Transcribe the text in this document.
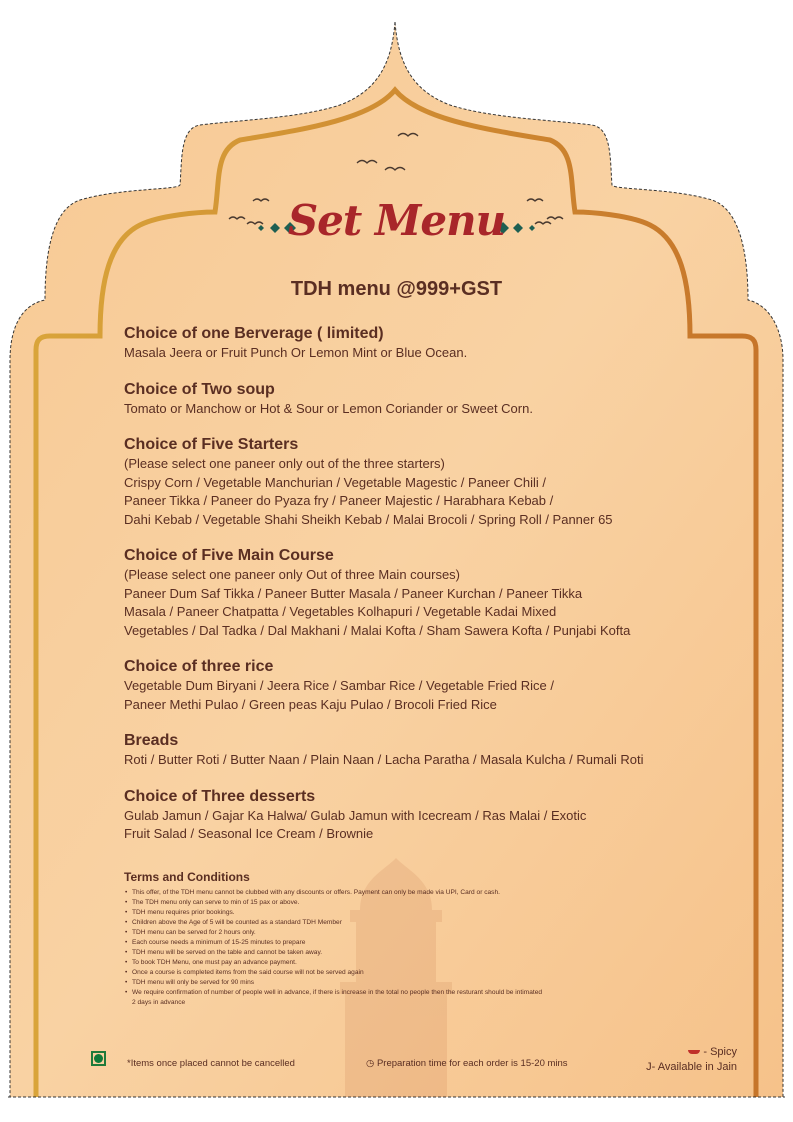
Set Menu
TDH menu @999+GST
Choice of one Berverage ( limited)
Masala Jeera or Fruit Punch Or Lemon Mint or Blue Ocean.
Choice of Two soup
Tomato or Manchow or Hot & Sour or Lemon Coriander or Sweet Corn.
Choice of Five Starters
(Please select one paneer only out of the three starters)
Crispy Corn / Vegetable Manchurian / Vegetable Magestic / Paneer Chili /
Paneer Tikka / Paneer do Pyaza fry / Paneer Majestic / Harabhara Kebab /
Dahi Kebab / Vegetable Shahi Sheikh Kebab / Malai Brocoli / Spring Roll / Panner 65
Choice of Five Main Course
(Please select one paneer only Out of three Main courses)
Paneer Dum Saf Tikka / Paneer Butter Masala / Paneer Kurchan / Paneer Tikka
Masala / Paneer Chatpatta / Vegetables Kolhapuri / Vegetable Kadai Mixed
Vegetables / Dal Tadka / Dal Makhani / Malai Kofta / Sham Sawera Kofta / Punjabi Kofta
Choice of three rice
Vegetable Dum Biryani / Jeera Rice / Sambar Rice / Vegetable Fried Rice /
Paneer Methi Pulao / Green peas Kaju Pulao / Brocoli Fried Rice
Breads
Roti / Butter Roti / Butter Naan / Plain Naan / Lacha Paratha / Masala Kulcha / Rumali Roti
Choice of Three desserts
Gulab Jamun / Gajar Ka Halwa/ Gulab Jamun with Icecream / Ras Malai / Exotic
Fruit Salad / Seasonal Ice Cream / Brownie
Terms and Conditions
• This offer, of the TDH menu cannot be clubbed with any discounts or offers. Payment can only be made via UPI, Card or cash.
• The TDH menu only can serve to min of 15 pax or above.
• TDH menu requires prior bookings.
• Children above the Age of 5 will be counted as a standard TDH Member
• TDH menu can be served for 2 hours only.
• Each course needs a minimum of 15-25 minutes to prepare
• TDH menu will be served on the table and cannot be taken away.
• To book TDH Menu, one must pay an advance payment.
• Once a course is completed items from the said course will not be served again
• TDH menu will only be served for 90 mins
• We require confirmation of number of people well in advance, if there is increase in the total no people then the resturant should be intimated 2 days in advance
*Items once placed cannot be cancelled	◷ Preparation time for each order is 15-20 mins
- Spicy
J- Available in Jain
